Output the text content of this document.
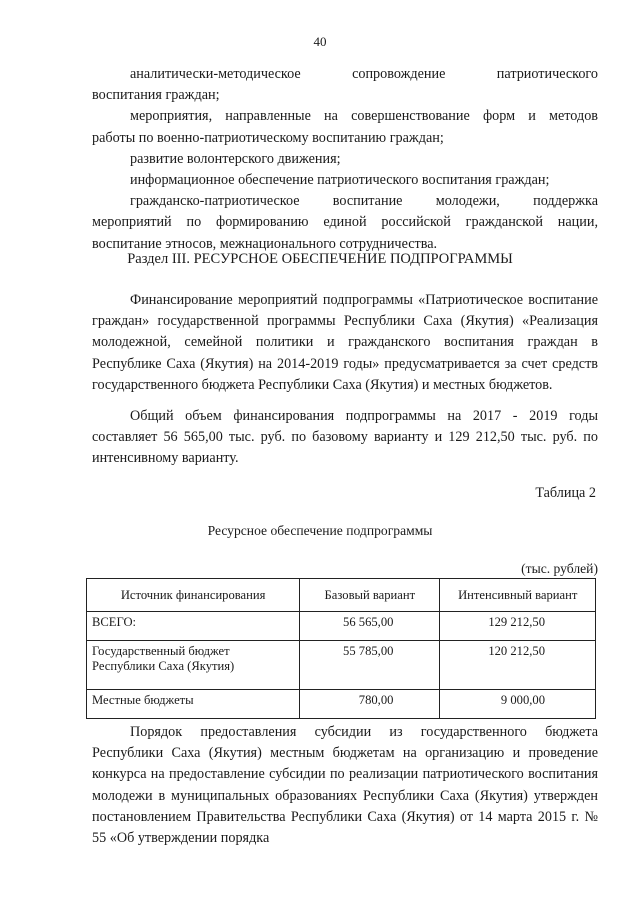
40
аналитически-методическое сопровождение патриотического
воспитания граждан;
мероприятия, направленные на совершенствование форм и методов
работы по военно-патриотическому воспитанию граждан;
развитие волонтерского движения;
информационное обеспечение патриотического воспитания граждан;
гражданско-патриотическое воспитание молодежи, поддержка
мероприятий по формированию единой российской гражданской нации,
воспитание этносов, межнационального сотрудничества.
Раздел III. РЕСУРСНОЕ ОБЕСПЕЧЕНИЕ ПОДПРОГРАММЫ
Финансирование мероприятий подпрограммы «Патриотическое воспитание граждан» государственной программы Республики Саха (Якутия) «Реализация молодежной, семейной политики и гражданского воспитания граждан в Республике Саха (Якутия) на 2014-2019 годы» предусматривается за счет средств государственного бюджета Республики Саха (Якутия) и местных бюджетов.
Общий объем финансирования подпрограммы на 2017 - 2019 годы составляет 56 565,00 тыс. руб. по базовому варианту и 129 212,50 тыс. руб. по интенсивному варианту.
Таблица 2
Ресурсное обеспечение подпрограммы
(тыс. рублей)
Источник финансирования	Базовый вариант	Интенсивный вариант
ВСЕГО:	56 565,00	129 212,50
Государственный бюджет Республики Саха (Якутия)	55 785,00	120 212,50
Местные бюджеты	780,00	9 000,00
Порядок предоставления субсидии из государственного бюджета Республики Саха (Якутия) местным бюджетам на организацию и проведение конкурса на предоставление субсидии по реализации патриотического воспитания молодежи в муниципальных образованиях Республики Саха (Якутия) утвержден постановлением Правительства Республики Саха (Якутия) от 14 марта 2015 г. № 55 «Об утверждении порядка
